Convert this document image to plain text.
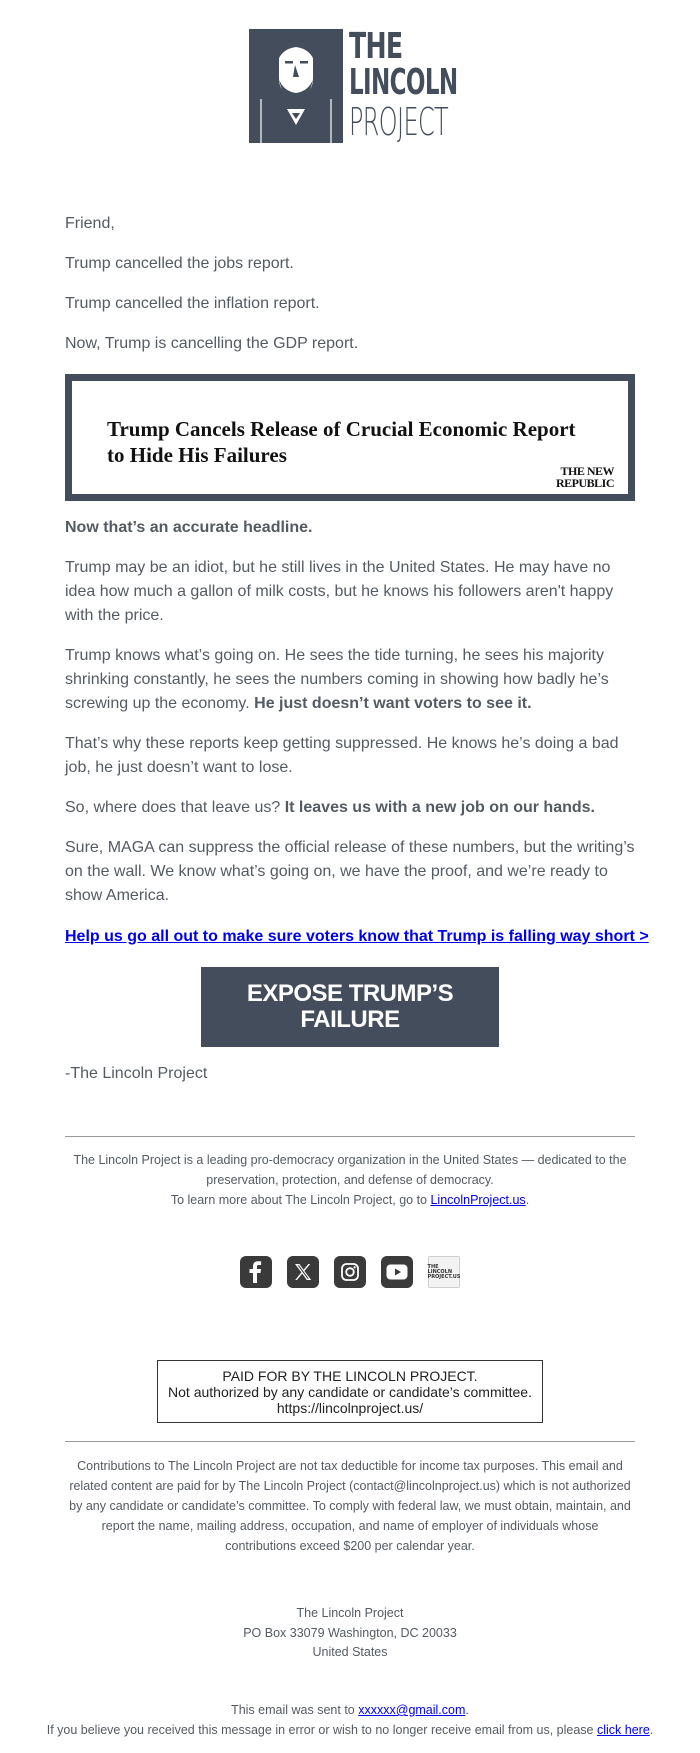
THE
LINCOLN
PROJECT

Friend,

Trump cancelled the jobs report.

Trump cancelled the inflation report.

Now, Trump is cancelling the GDP report.

Trump Cancels Release of Crucial Economic Report to Hide His Failures
THE NEW REPUBLIC

Now that’s an accurate headline.

Trump may be an idiot, but he still lives in the United States. He may have no idea how much a gallon of milk costs, but he knows his followers aren't happy with the price.

Trump knows what’s going on. He sees the tide turning, he sees his majority shrinking constantly, he sees the numbers coming in showing how badly he’s screwing up the economy. He just doesn’t want voters to see it.

That’s why these reports keep getting suppressed. He knows he’s doing a bad job, he just doesn’t want to lose.

So, where does that leave us? It leaves us with a new job on our hands.

Sure, MAGA can suppress the official release of these numbers, but the writing’s on the wall. We know what’s going on, we have the proof, and we’re ready to show America.

Help us go all out to make sure voters know that Trump is falling way short >
EXPOSE TRUMP’S FAILURE
-The Lincoln Project
The Lincoln Project is a leading pro-democracy organization in the United States — dedicated to the preservation, protection, and defense of democracy.
To learn more about The Lincoln Project, go to LincolnProject.us.
THE
LINCOLN
PROJECT.US
PAID FOR BY THE LINCOLN PROJECT.
Not authorized by any candidate or candidate’s committee.
https://lincolnproject.us/
Contributions to The Lincoln Project are not tax deductible for income tax purposes. This email and related content are paid for by The Lincoln Project (contact@lincolnproject.us) which is not authorized by any candidate or candidate’s committee. To comply with federal law, we must obtain, maintain, and report the name, mailing address, occupation, and name of employer of individuals whose contributions exceed $200 per calendar year.
The Lincoln Project
PO Box 33079 Washington, DC 20033
United States
This email was sent to xxxxxx@gmail.com.
If you believe you received this message in error or wish to no longer receive email from us, please click here.
